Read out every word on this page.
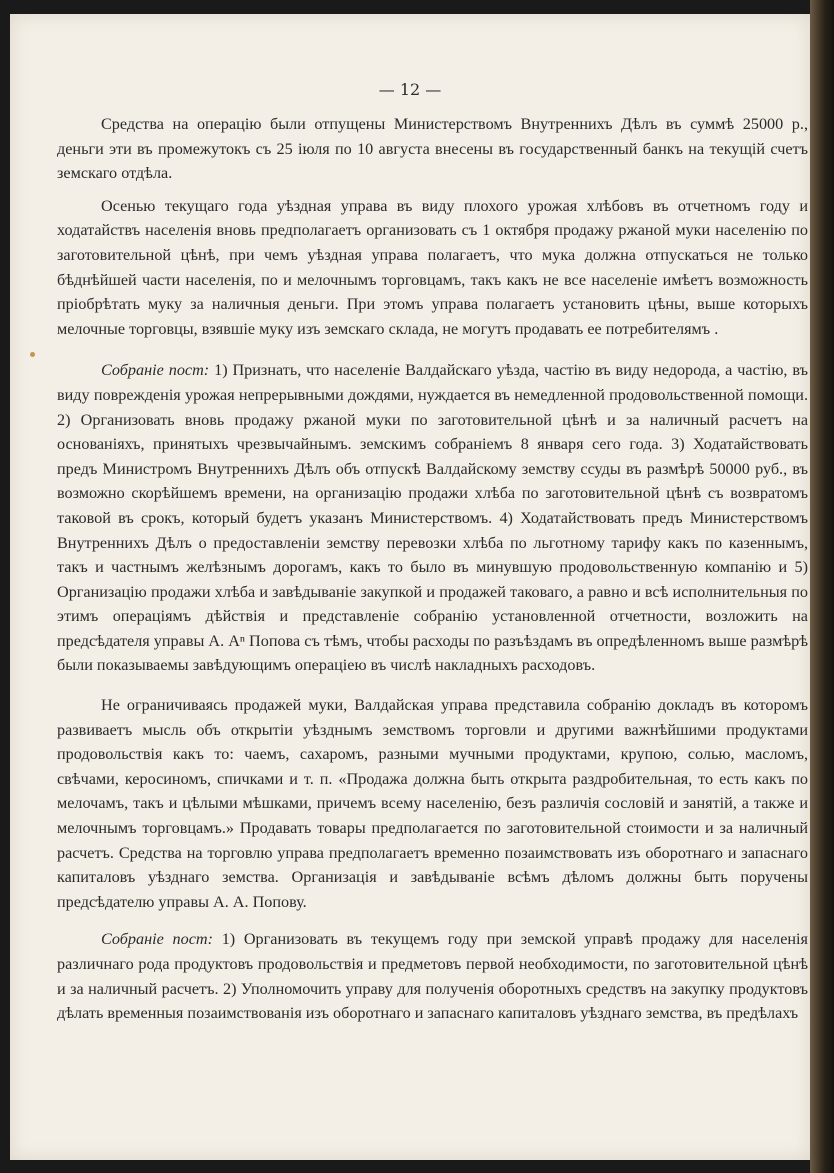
— 12 —

Средства на операцію были отпущены Министерствомъ Внутреннихъ Дѣлъ въ суммѣ 25000 р., деньги эти въ промежутокъ съ 25 іюля по 10 августа внесены въ государственный банкъ на текущій счетъ земскаго отдѣла.

Осенью текущаго года уѣздная управа въ виду плохого урожая хлѣбовъ въ отчетномъ году и ходатайствъ населенія вновь предполагаетъ организовать съ 1 октября продажу ржаной муки населенію по заготовительной цѣнѣ, при чемъ уѣздная управа полагаетъ, что мука должна отпускаться не только бѣднѣйшей части населенія, по и мелочнымъ торговцамъ, такъ какъ не все населеніе имѣетъ возможность пріобрѣтать муку за наличныя деньги. При этомъ управа полагаетъ установить цѣны, выше которыхъ мелочные торговцы, взявшіе муку изъ земскаго склада, не могутъ продавать ее потребителямъ .

Собраніе пост: 1) Признать, что населеніе Валдайскаго уѣзда, частію въ виду недорода, а частію, въ виду поврежденія урожая непрерывными дождями, нуждается въ немедленной продовольственной помощи. 2) Организовать вновь продажу ржаной муки по заготовительной цѣнѣ и за наличный расчетъ на основаніяхъ, принятыхъ чрезвычайнымъ. земскимъ собраніемъ 8 января сего года. 3) Ходатайствовать предъ Министромъ Внутреннихъ Дѣлъ объ отпускѣ Валдайскому земству ссуды въ размѣрѣ 50000 руб., въ возможно скорѣйшемъ времени, на организацію продажи хлѣба по заготовительной цѣнѣ съ возвратомъ таковой въ срокъ, который будетъ указанъ Министерствомъ. 4) Ходатайствовать предъ Министерствомъ Внутреннихъ Дѣлъ о предоставленіи земству перевозки хлѣба по льготному тарифу какъ по казеннымъ, такъ и частнымъ желѣзнымъ дорогамъ, какъ то было въ минувшую продовольственную компанію и 5) Организацію продажи хлѣба и завѣдываніе закупкой и продажей таковаго, а равно и всѣ исполнительныя по этимъ операціямъ дѣйствія и представленіе собранію установленной отчетности, возложить на предсѣдателя управы А. Аⁿ Попова съ тѣмъ, чтобы расходы по разъѣздамъ въ опредѣленномъ выше размѣрѣ были показываемы завѣдующимъ операціею въ числѣ накладныхъ расходовъ.

Не ограничиваясь продажей муки, Валдайская управа представила собранію докладъ въ которомъ развиваетъ мысль объ открытіи уѣзднымъ земствомъ торговли и другими важнѣйшими продуктами продовольствія какъ то: чаемъ, сахаромъ, разными мучными продуктами, крупою, солью, масломъ, свѣчами, керосиномъ, спичками и т. п. «Продажа должна быть открыта раздробительная, то есть какъ по мелочамъ, такъ и цѣлыми мѣшками, причемъ всему населенію, безъ различія сословій и занятій, а также и мелочнымъ торговцамъ.» Продавать товары предполагается по заготовительной стоимости и за наличный расчетъ. Средства на торговлю управа предполагаетъ временно позаимствовать изъ оборотнаго и запаснаго капиталовъ уѣзднаго земства. Организація и завѣдываніе всѣмъ дѣломъ должны быть поручены предсѣдателю управы А. А. Попову.

Собраніе пост: 1) Организовать въ текущемъ году при земской управѣ продажу для населенія различнаго рода продуктовъ продовольствія и предметовъ первой необходимости, по заготовительной цѣнѣ и за наличный расчетъ. 2) Уполномочить управу для полученія оборотныхъ средствъ на закупку продуктовъ дѣлать временныя позаимствованія изъ оборотнаго и запаснаго капиталовъ уѣзднаго земства, въ предѣлахъ
